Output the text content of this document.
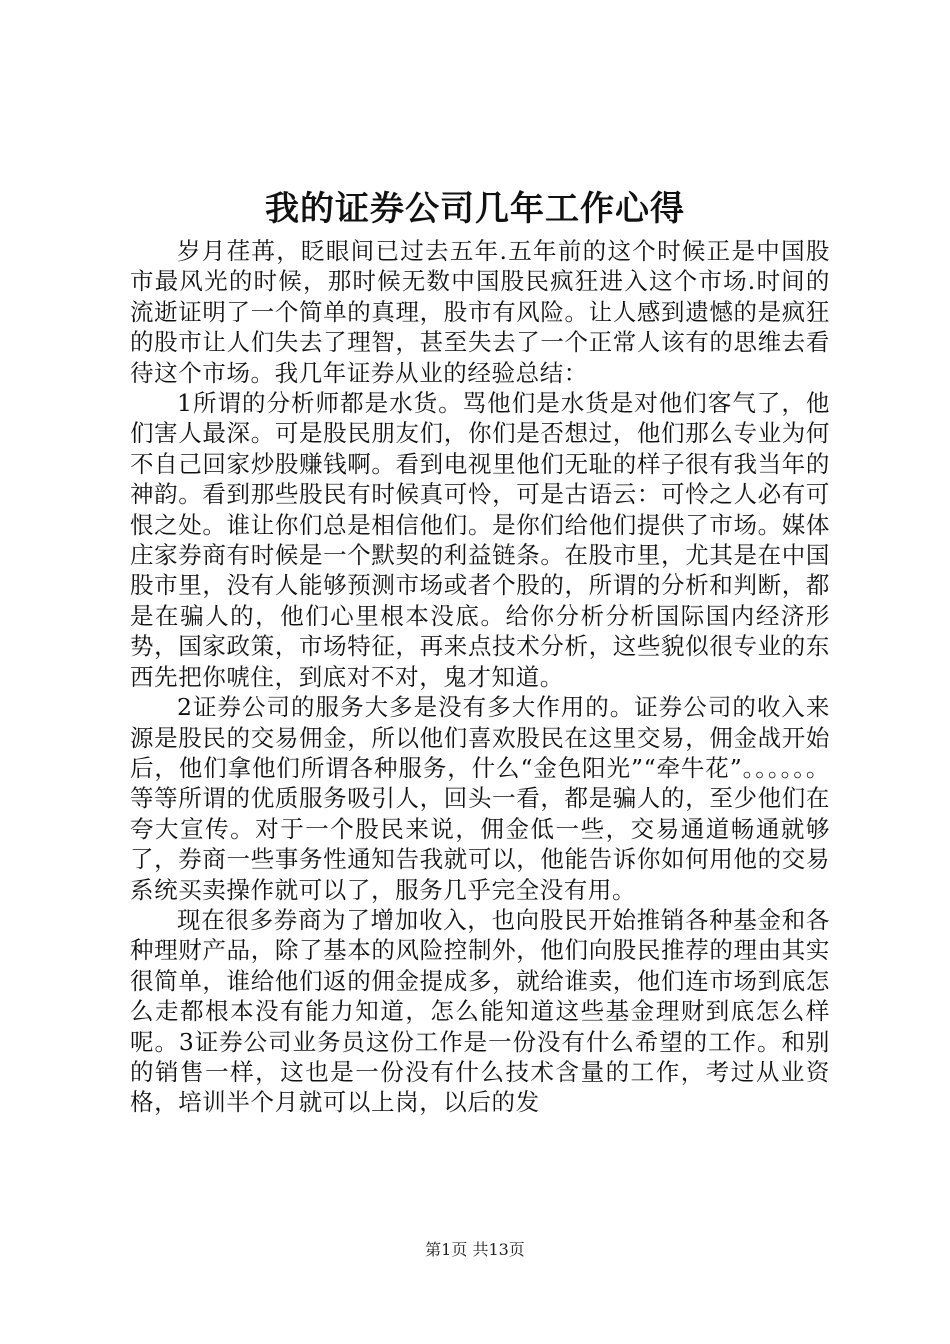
我的证券公司几年工作心得

岁月荏苒，眨眼间已过去五年.五年前的这个时候正是中国股市最风光的时候，那时候无数中国股民疯狂进入这个市场.时间的流逝证明了一个简单的真理，股市有风险。让人感到遗憾的是疯狂的股市让人们失去了理智，甚至失去了一个正常人该有的思维去看待这个市场。我几年证券从业的经验总结：

1所谓的分析师都是水货。骂他们是水货是对他们客气了，他们害人最深。可是股民朋友们，你们是否想过，他们那么专业为何不自己回家炒股赚钱啊。看到电视里他们无耻的样子很有我当年的神韵。看到那些股民有时候真可怜，可是古语云：可怜之人必有可恨之处。谁让你们总是相信他们。是你们给他们提供了市场。媒体庄家券商有时候是一个默契的利益链条。在股市里，尤其是在中国股市里，没有人能够预测市场或者个股的，所谓的分析和判断，都是在骗人的，他们心里根本没底。给你分析分析国际国内经济形势，国家政策，市场特征，再来点技术分析，这些貌似很专业的东西先把你唬住，到底对不对，鬼才知道。

2证券公司的服务大多是没有多大作用的。证券公司的收入来源是股民的交易佣金，所以他们喜欢股民在这里交易，佣金战开始后，他们拿他们所谓各种服务，什么“金色阳光”“牵牛花”。。。。。。等等所谓的优质服务吸引人，回头一看，都是骗人的，至少他们在夸大宣传。对于一个股民来说，佣金低一些，交易通道畅通就够了，券商一些事务性通知告我就可以，他能告诉你如何用他的交易系统买卖操作就可以了，服务几乎完全没有用。

现在很多券商为了增加收入，也向股民开始推销各种基金和各种理财产品，除了基本的风险控制外，他们向股民推荐的理由其实很简单，谁给他们返的佣金提成多，就给谁卖，他们连市场到底怎么走都根本没有能力知道，怎么能知道这些基金理财到底怎么样呢。3证券公司业务员这份工作是一份没有什么希望的工作。和别的销售一样，这也是一份没有什么技术含量的工作，考过从业资格，培训半个月就可以上岗，以后的发

第1页 共13页
